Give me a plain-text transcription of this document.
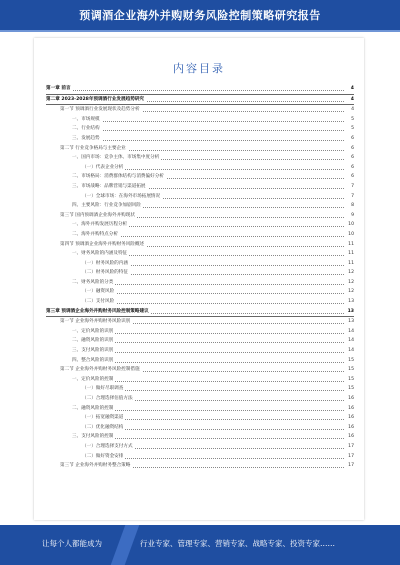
预调酒企业海外并购财务风险控制策略研究报告
内容目录
第一章 前言	4
第二章 2023-2028年预调酒行业发展趋势研究	4
第一节 预调酒行业发展现状及趋势分析	4
一、市场规模	5
二、行业结构	5
三、发展趋势	6
第二节 行业竞争格局与主要企业	6
一、国内市场：竞争主体、市场集中度分析	6
（一）代表企业分析	6
二、市场格局：消费群体结构与消费偏好分析	6
三、市场战略：品牌营销与渠道拓展	7
（一）全球市场：在海外市场拓展情况	7
四、主要风险：行业竞争加剧风险	8
第三节 国内预调酒企业海外并购现状	9
一、海外并购发展历程分析	10
二、海外并购特点分析	10
第四节 预调酒企业海外并购财务风险概述	11
一、财务风险的内涵及特征	11
（一）财务风险的内涵	11
（二）财务风险的特征	12
二、财务风险的分类	12
（一）融资风险	12
（二）支付风险	13
第三章 预调酒企业海外并购财务风险控制策略建议	13
第一节 企业海外并购财务风险识别	13
一、定价风险的识别	14
二、融资风险的识别	14
三、支付风险的识别	14
四、整合风险的识别	15
第二节 企业海外并购财务风险控制措施	15
一、定价风险的控制	15
（一）做好尽职调查	15
（二）合理选择估值方法	16
二、融资风险的控制	16
（一）拓宽融资渠道	16
（二）优化融资结构	16
三、支付风险的控制	16
（一）合理选择支付方式	17
（二）做好资金安排	17
第三节 企业海外并购财务整合策略	17
让每个人都能成为	行业专家、管理专家、营销专家、战略专家、投资专家……
